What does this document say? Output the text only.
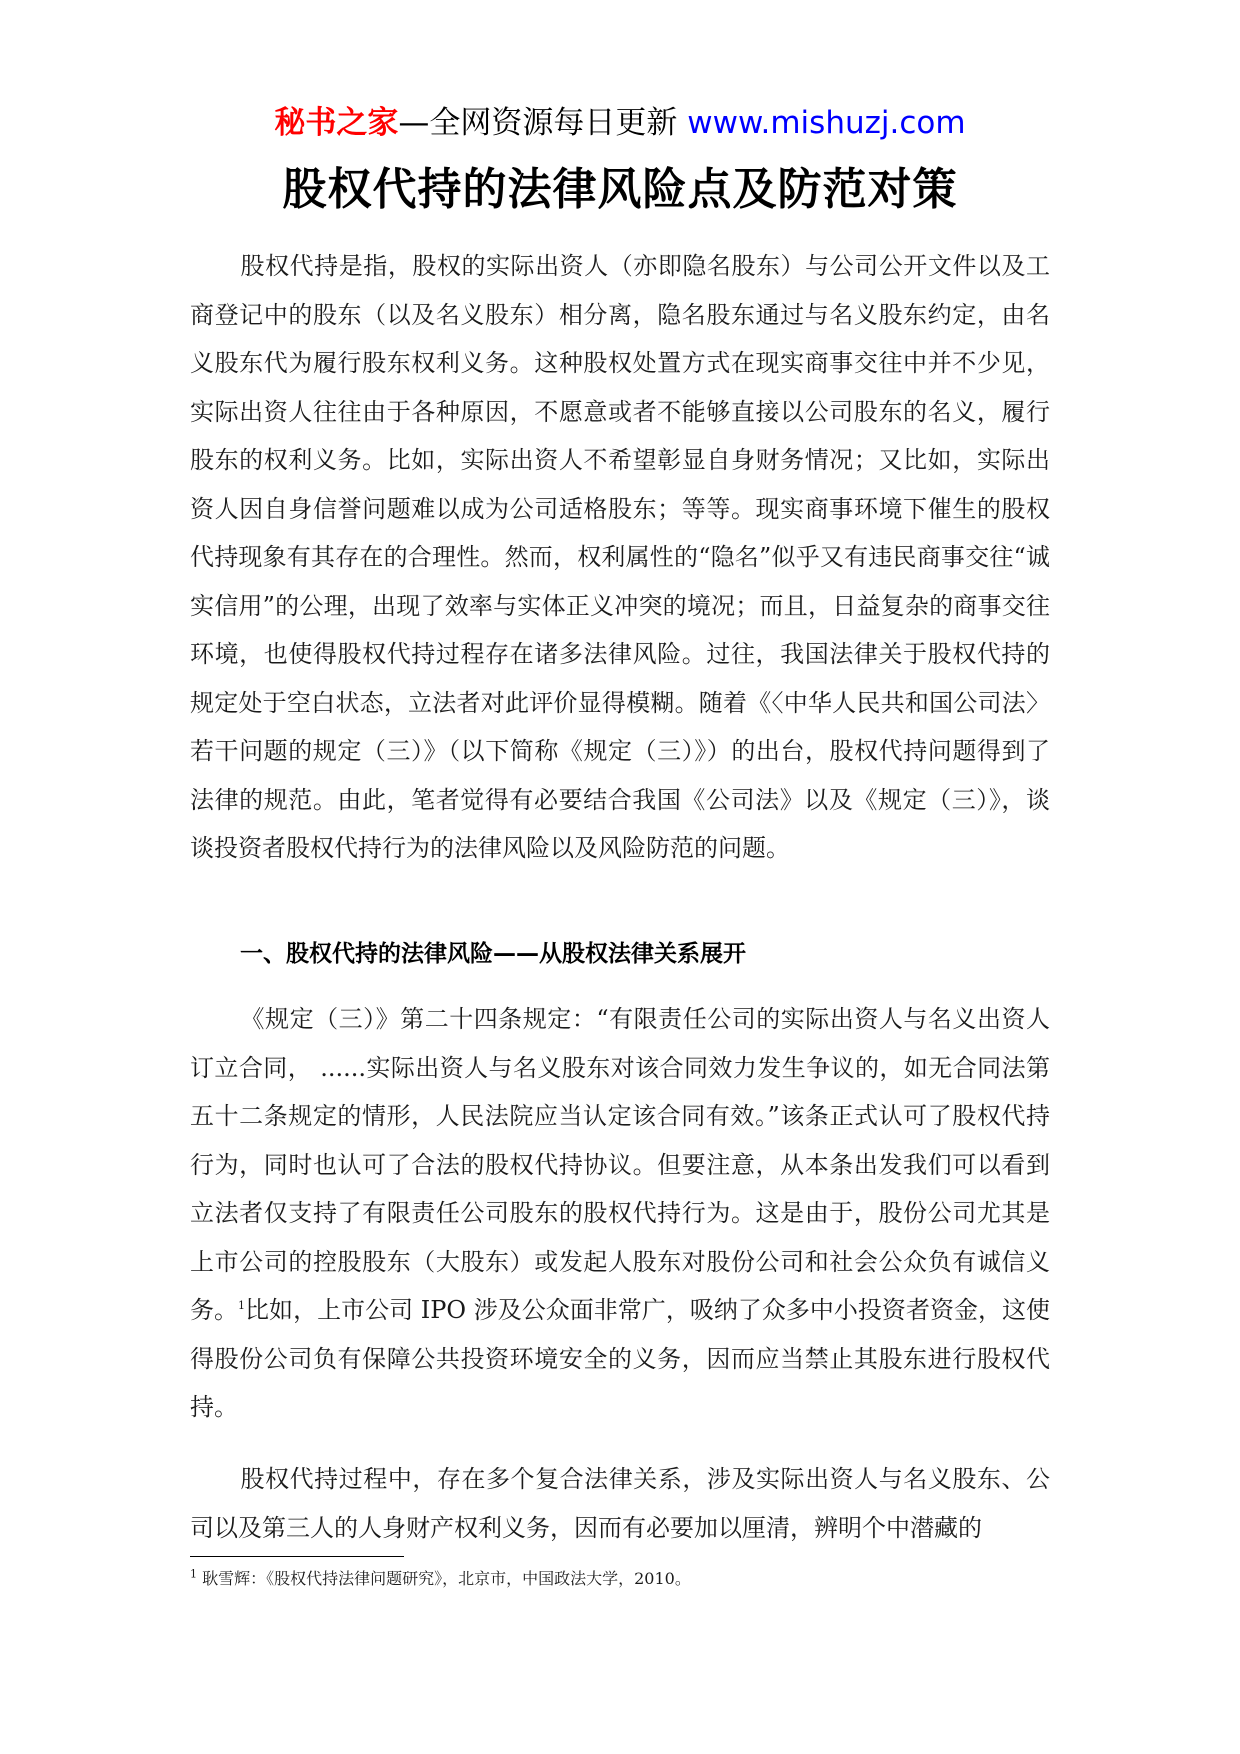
秘书之家—全网资源每日更新 www.mishuzj.com
股权代持的法律风险点及防范对策

股权代持是指，股权的实际出资人（亦即隐名股东）与公司公开文件以及工商登记中的股东（以及名义股东）相分离，隐名股东通过与名义股东约定，由名义股东代为履行股东权利义务。这种股权处置方式在现实商事交往中并不少见，实际出资人往往由于各种原因，不愿意或者不能够直接以公司股东的名义，履行股东的权利义务。比如，实际出资人不希望彰显自身财务情况；又比如，实际出资人因自身信誉问题难以成为公司适格股东；等等。现实商事环境下催生的股权代持现象有其存在的合理性。然而，权利属性的“隐名”似乎又有违民商事交往“诚实信用”的公理，出现了效率与实体正义冲突的境况；而且，日益复杂的商事交往环境，也使得股权代持过程存在诸多法律风险。过往，我国法律关于股权代持的规定处于空白状态，立法者对此评价显得模糊。随着《〈中华人民共和国公司法〉若干问题的规定（三）》（以下简称《规定（三）》）的出台，股权代持问题得到了法律的规范。由此，笔者觉得有必要结合我国《公司法》以及《规定（三）》，谈谈投资者股权代持行为的法律风险以及风险防范的问题。

一、股权代持的法律风险——从股权法律关系展开

《规定（三）》第二十四条规定：“有限责任公司的实际出资人与名义出资人订立合同， ......实际出资人与名义股东对该合同效力发生争议的，如无合同法第五十二条规定的情形，人民法院应当认定该合同有效。”该条正式认可了股权代持行为，同时也认可了合法的股权代持协议。但要注意，从本条出发我们可以看到立法者仅支持了有限责任公司股东的股权代持行为。这是由于，股份公司尤其是上市公司的控股股东（大股东）或发起人股东对股份公司和社会公众负有诚信义务。$^1$比如，上市公司 IPO 涉及公众面非常广，吸纳了众多中小投资者资金，这使得股份公司负有保障公共投资环境安全的义务，因而应当禁止其股东进行股权代持。

股权代持过程中，存在多个复合法律关系，涉及实际出资人与名义股东、公司以及第三人的人身财产权利义务，因而有必要加以厘清，辨明个中潜藏的

$^1$ 耿雪辉：《股权代持法律问题研究》，北京市，中国政法大学，2010。
